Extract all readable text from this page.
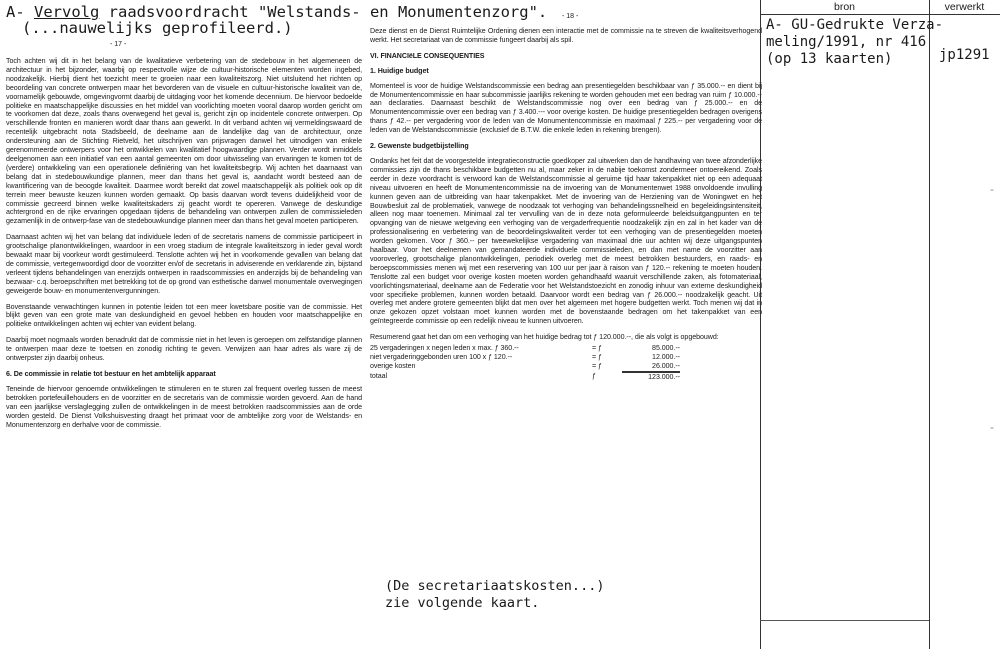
A- Vervolg raadsvoordracht "Welstands- en Monumentenzorg".
(...nauwelijks geprofileerd.)
- 17 -
- 18 -

Toch achten wij dit in het belang van de kwalitatieve verbetering van de stedebouw in het algemeneen de architectuur in het bijzonder, waarbij op respectvolle wijze de cultuur-historische elementen worden ingebed, noodzakelijk. Hierbij dient het toezicht meer te groeien naar een kwaliteitszorg. Niet uitsluitend het richten op beoordeling van concrete ontwerpen maar het bevorderen van de visuele en cultuur-historische kwaliteit van de, voornamelijk gebouwde, omgevingvormt daarbij de uitdaging voor het komende decennium. De hiervoor bedoelde politieke en maatschappelijke discussies en het middel van voorlichting moeten vooral daarop worden gericht om te voorkomen dat deze, zoals thans overwegend het geval is, gericht zijn op incidentele concrete ontwerpen. Op verschillende fronten en manieren wordt daar thans aan gewerkt. In dit verband achten wij vermeldingswaard de recentelijk uitgebracht nota Stadsbeeld, de deelname aan de landelijke dag van de architectuur, onze ondersteuning aan de Stichting Rietveld, het uitschrijven van prijsvragen danwel het uitnodigen van enkele gerenommeerde ontwerpers voor het ontwikkelen van kwalitatief hoogwaardige plannen. Verder wordt inmiddels deelgenomen aan een initiatief van een aantal gemeenten om door uitwisseling van ervaringen te komen tot de (verdere) ontwikkeling van een operationele definiëring van het kwaliteitsbegrip. Wij achten het daarnaast van belang dat in stedebouwkundige plannen, meer dan thans het geval is, aandacht wordt besteed aan de kwantificering van de beoogde kwaliteit. Daarmee wordt bereikt dat zowel maatschappelijk als politiek ook op dit terrein meer bewuste keuzen kunnen worden gemaakt. Op basis daarvan wordt tevens duidelijkheid voor de commissie gecreerd binnen welke kwaliteitskaders zij geacht wordt te opereren. Vanwege de deskundige achtergrond en de rijke ervaringen opgedaan tijdens de behandeling van ontwerpen zullen de commissieleden gezamenlijk in de ontwerp-fase van de stedebouwkundige plannen meer dan thans het geval moeten participeren.

Daarnaast achten wij het van belang dat individuele leden of de secretaris namens de commissie participeert in grootschalige planontwikkelingen, waardoor in een vroeg stadium de integrale kwaliteitszorg in ieder geval wordt bewaakt maar bij voorkeur wordt gestimuleerd. Tenslotte achten wij het in voorkomende gevallen van belang dat de commissie, vertegenwoordigd door de voorzitter en/of de secretaris in adviserende en verklarende zin, bijstand verleent tijdens behandelingen van enerzijds ontwerpen in raadscommissies en anderzijds bij de behandeling van bezwaar- c.q. beroepschriften met betrekking tot de op grond van esthetische danwel monumentale overwegingen geweigerde bouw- en monumentenvergunningen.

Bovenstaande verwachtingen kunnen in potentie leiden tot een meer kwetsbare positie van de commissie. Het blijkt geven van een grote mate van deskundigheid en gevoel hebben en houden voor maatschappelijke en politieke ontwikkelingen achten wij echter van evident belang.

Daarbij moet nogmaals worden benadrukt dat de commissie niet in het leven is geroepen om zelfstandige plannen te ontwerpen maar deze te toetsen en zonodig richting te geven. Verwijzen aan haar adres als ware zij de ontwerpster zijn daarbij onheus.

6. De commissie in relatie tot bestuur en het ambtelijk apparaat

Teneinde de hiervoor genoemde ontwikkelingen te stimuleren en te sturen zal frequent overleg tussen de meest betrokken portefeuillehouders en de voorzitter en de secretaris van de commissie worden gevoerd. Aan de hand van een jaarlijkse verslaglegging zullen de ontwikkelingen in de meest betrokken raadscommissies aan de orde worden gesteld. De Dienst Volkshuisvesting draagt het primaat voor de ambtelijke zorg voor de Welstands- en Monumentenzorg en derhalve voor de commissie.

Deze dienst en de Dienst Ruimtelijke Ordening dienen een interactie met de commissie na te streven die kwaliteitsverhogend werkt. Het secretariaat van de commissie fungeert daarbij als spil.

VI. FINANCIëLE CONSEQUENTIES

1. Huidige budget

Momenteel is voor de huidige Welstandscommissie een bedrag aan presentiegelden beschikbaar van ƒ 35.000.-- en dient bij de Monumentencommissie en haar subcommissie jaarlijks rekening te worden gehouden met een bedrag van ruim ƒ 10.000.-- aan declaraties. Daarnaast beschikt de Welstandscommissie nog over een bedrag van ƒ 25.000.-- en de Monumentencommissie over een bedrag van ƒ 3.400.--- voor overige kosten. De huidige presentiegelden bedragen overigens thans ƒ 42.-- per vergadering voor de leden van de Monumentencommissie en maximaal ƒ 225.-- per vergadering voor de leden van de Welstandscommissie (exclusief de B.T.W. die enkele leden in rekening brengen).

2. Gewenste budgetbijstelling

Ondanks het feit dat de voorgestelde integratieconstructie goedkoper zal uitwerken dan de handhaving van twee afzonderlijke commissies zijn de thans beschikbare budgetten nu al, maar zeker in de nabije toekomst zondermeer ontoereikend. Zoals eerder in deze voordracht is verwoord kan de Welstandscommissie al geruime tijd haar takenpakket niet op een adequaat niveau uitvoeren en heeft de Monumentencommissie na de invoering van de Monumentenwet 1988 onvoldoende invulling kunnen geven aan de uitbreiding van haar takenpakket. Met de invoering van de Herziening van de Woningwet en het Bouwbesluit zal de problematiek, vanwege de noodzaak tot verhoging van behandelingssnelheid en begeleidingsintensiteit, alleen nog maar toenemen. Minimaal zal ter vervulling van de in deze nota geformuleerde beleidsuitgangpunten en ter opvanging van de nieuwe wetgeving een verhoging van de vergaderfrequentie noodzakelijk zijn en zal in het kader van de professionalisering en verbetering van de beoordelingskwaliteit verder tot een verhoging van de presentiegelden moeten worden gekomen. Voor ƒ 360.-- per tweewekelijkse vergadering van maximaal drie uur achten wij deze uitgangspunten haalbaar. Voor het deelnemen van gemandateerde individuele commissieleden, en dan met name de voorzitter aan vooroverleg, grootschalige planontwikkelingen, periodiek overleg met de meest betrokken bestuurders, en raads- en beroepscommissies menen wij met een reservering van 100 uur per jaar à raison van ƒ 120.-- rekening te moeten houden. Tenslotte zal een budget voor overige kosten moeten worden gehandhaafd waaruit verschillende zaken, als fotomateriaal, voorlichtingsmateriaal, deelname aan de Federatie voor het Welstandstoezicht en zonodig inhuur van externe deskundigheid voor specifieke problemen, kunnen worden betaald. Daarvoor wordt een bedrag van ƒ 26.000.-- noodzakelijk geacht. Uit overleg met andere grotere gemeenten blijkt dat men over het algemeen met hogere budgetten werkt. Toch menen wij dat in onze gekozen opzet volstaan moet kunnen worden met de bovenstaande bedragen om het takenpakket van een geïntegreerde commissie op een redelijk niveau te kunnen uitvoeren.

Resumerend gaat het dan om een verhoging van het huidige bedrag tot ƒ 120.000.--, die als volgt is opgebouwd:

25 vergaderingen x negen leden x max. ƒ 360.--	= ƒ	85.000.--
niet vergaderinggebonden uren 100 x ƒ 120.--	= ƒ	12.000.--
overige kosten	= ƒ	26.000.--
totaal	ƒ	123.000.--
(De secretariaatskosten...)
zie volgende kaart.
bron	verwerkt
A- GU-Gedrukte Verza-
meling/1991, nr 416
(op 13 kaarten)	jp1291
-
-
